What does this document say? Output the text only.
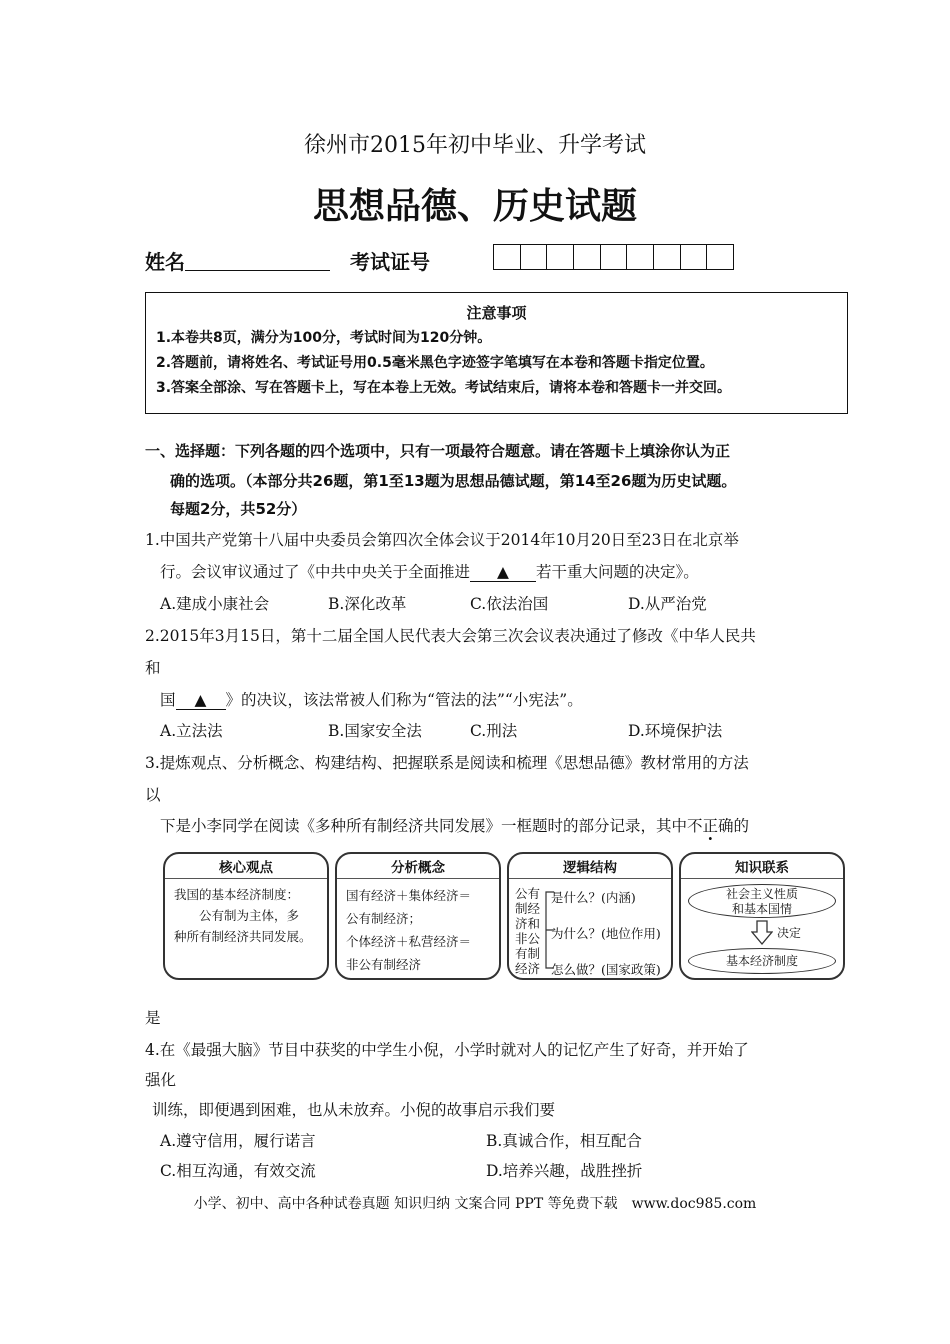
徐州市2015年初中毕业、升学考试
思想品德、历史试题
姓名	考试证号
注意事项
1.本卷共8页，满分为100分，考试时间为120分钟。
2.答题前，请将姓名、考试证号用0.5毫米黑色字迹签字笔填写在本卷和答题卡指定位置。
3.答案全部涂、写在答题卡上，写在本卷上无效。考试结束后，请将本卷和答题卡一并交回。
一、选择题：下列各题的四个选项中，只有一项最符合题意。请在答题卡上填涂你认为正
确的选项。（本部分共26题，第1至13题为思想品德试题，第14至26题为历史试题。
每题2分，共52分）
1.中国共产党第十八届中央委员会第四次全体会议于2014年10月20日至23日在北京举
行。会议审议通过了《中共中央关于全面推进 ▲ 若干重大问题的决定》。
A.建成小康社会	B.深化改革	C.依法治国	D.从严治党
2.2015年3月15日，第十二届全国人民代表大会第三次会议表决通过了修改《中华人民共
和
国 ▲ 》的决议，该法常被人们称为“管法的法”“小宪法”。
A.立法法	B.国家安全法	C.刑法	D.环境保护法
3.提炼观点、分析概念、构建结构、把握联系是阅读和梳理《思想品德》教材常用的方法
以
下是小李同学在阅读《多种所有制经济共同发展》一框题时的部分记录，其中不正确的
核心观点
我国的基本经济制度：
　　公有制为主体，多
种所有制经济共同发展。
分析概念
国有经济＋集体经济＝
公有制经济；
个体经济＋私营经济＝
非公有制经济
逻辑结构
公有
制经
济和
非公
有制
经济
是什么？(内涵)
为什么？(地位作用)
怎么做？(国家政策)
知识联系
社会主义性质
和基本国情
决定
基本经济制度
是
4.在《最强大脑》节目中获奖的中学生小倪，小学时就对人的记忆产生了好奇，并开始了
强化
训练，即便遇到困难，也从未放弃。小倪的故事启示我们要
A.遵守信用，履行诺言	B.真诚合作，相互配合
C.相互沟通，有效交流	D.培养兴趣，战胜挫折
小学、初中、高中各种试卷真题 知识归纳 文案合同 PPT 等免费下载　www.doc985.com
